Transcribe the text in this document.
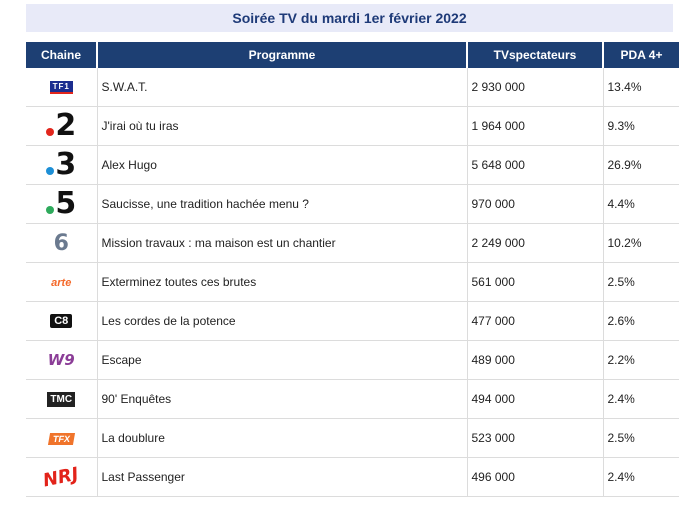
Soirée TV du mardi 1er février 2022
Chaine	Programme	TVspectateurs	PDA 4+
TF1	S.W.A.T.	2 930 000	13.4%

2	J'irai où tu iras	1 964 000	9.3%

3	Alex Hugo	5 648 000	26.9%

5	Saucisse, une tradition hachée menu ?	970 000	4.4%
6	Mission travaux : ma maison est un chantier	2 249 000	10.2%
arte	Exterminez toutes ces brutes	561 000	2.5%
C8	Les cordes de la potence	477 000	2.6%
W9	Escape	489 000	2.2%
TMC	90' Enquêtes	494 000	2.4%
TFX	La doublure	523 000	2.5%
NRJ	Last Passenger	496 000	2.4%
